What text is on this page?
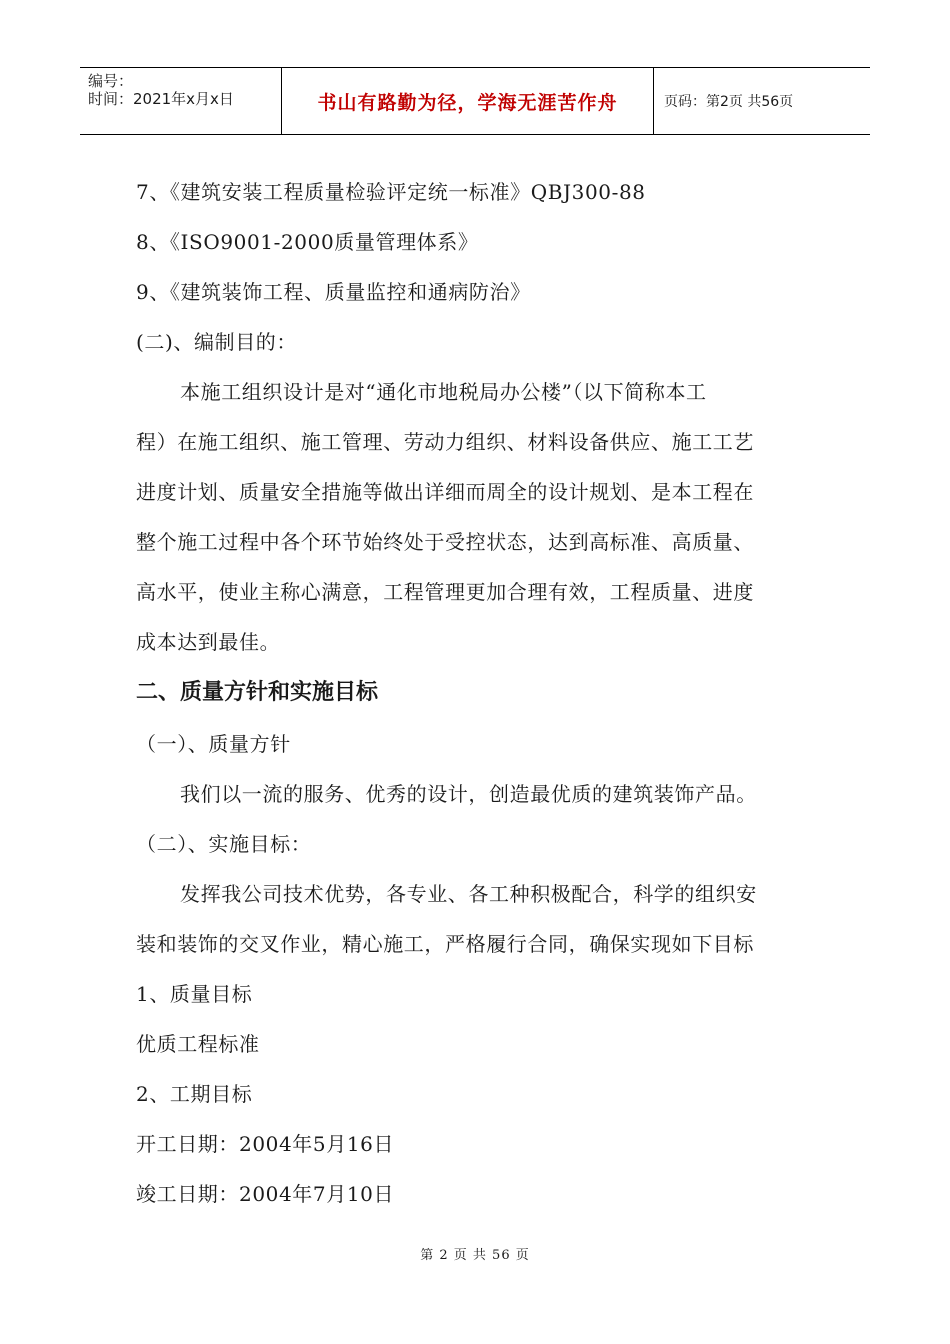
编号：
时间：2021年x月x日	书山有路勤为径，学海无涯苦作舟	页码：第2页 共56页
7、《建筑安装工程质量检验评定统一标准》QBJ300-88
8、《ISO9001-2000质量管理体系》
9、《建筑装饰工程、质量监控和通病防治》
(二)、编制目的：
本施工组织设计是对“通化市地税局办公楼”（以下简称本工
程）在施工组织、施工管理、劳动力组织、材料设备供应、施工工艺
进度计划、质量安全措施等做出详细而周全的设计规划、是本工程在
整个施工过程中各个环节始终处于受控状态，达到高标准、高质量、
高水平，使业主称心满意，工程管理更加合理有效，工程质量、进度
成本达到最佳。
二、质量方针和实施目标
（一）、质量方针
我们以一流的服务、优秀的设计，创造最优质的建筑装饰产品。
（二）、实施目标：
发挥我公司技术优势，各专业、各工种积极配合，科学的组织安
装和装饰的交叉作业，精心施工，严格履行合同，确保实现如下目标
1、质量目标
优质工程标准
2、工期目标
开工日期：2004年5月16日
竣工日期：2004年7月10日
第 2 页 共 56 页
